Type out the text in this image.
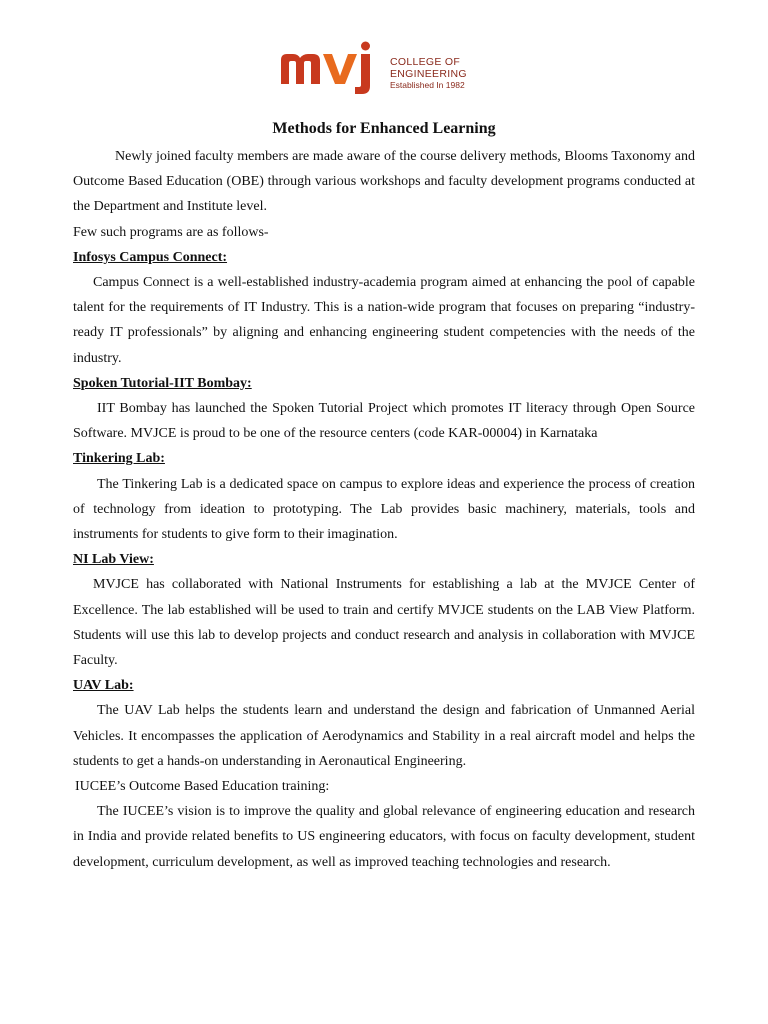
COLLEGE OF
ENGINEERING
Established In 1982
Methods for Enhanced Learning

Newly joined faculty members are made aware of the course delivery methods, Blooms Taxonomy and Outcome Based Education (OBE) through various workshops and faculty development programs conducted at the Department and Institute level.

Few such programs are as follows-

Infosys Campus Connect:

Campus Connect is a well-established industry-academia program aimed at enhancing the pool of capable talent for the requirements of IT Industry. This is a nation-wide program that focuses on preparing “industry-ready IT professionals” by aligning and enhancing engineering student competencies with the needs of the industry.

Spoken Tutorial-IIT Bombay:

IIT Bombay has launched the Spoken Tutorial Project which promotes IT literacy through Open Source Software. MVJCE is proud to be one of the resource centers (code KAR-00004) in Karnataka

Tinkering Lab:

The Tinkering Lab is a dedicated space on campus to explore ideas and experience the process of creation of technology from ideation to prototyping. The Lab provides basic machinery, materials, tools and instruments for students to give form to their imagination.

NI Lab View:

MVJCE has collaborated with National Instruments for establishing a lab at the MVJCE Center of Excellence. The lab established will be used to train and certify MVJCE students on the LAB View Platform. Students will use this lab to develop projects and conduct research and analysis in collaboration with MVJCE Faculty.

UAV Lab:

The UAV Lab helps the students learn and understand the design and fabrication of Unmanned Aerial Vehicles. It encompasses the application of Aerodynamics and Stability in a real aircraft model and helps the students to get a hands-on understanding in Aeronautical Engineering.

IUCEE’s Outcome Based Education training:

The IUCEE’s vision is to improve the quality and global relevance of engineering education and research in India and provide related benefits to US engineering educators, with focus on faculty development, student development, curriculum development, as well as improved teaching technologies and research.
